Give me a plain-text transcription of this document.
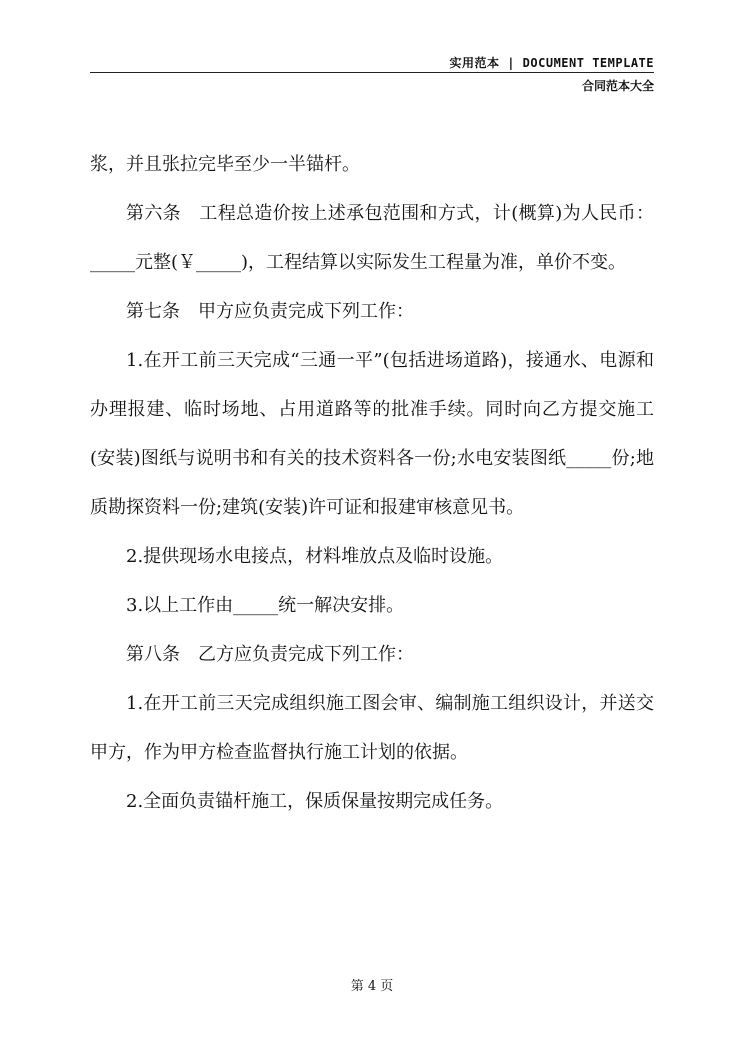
实用范本 | DOCUMENT TEMPLATE
合同范本大全

浆，并且张拉完毕至少一半锚杆。

第六条　工程总造价按上述承包范围和方式，计(概算)为人民币：_____元整(￥_____)，工程结算以实际发生工程量为准，单价不变。

第七条　甲方应负责完成下列工作：

1.在开工前三天完成“三通一平”(包括进场道路)，接通水、电源和办理报建、临时场地、占用道路等的批准手续。同时向乙方提交施工(安装)图纸与说明书和有关的技术资料各一份;水电安装图纸_____份;地质勘探资料一份;建筑(安装)许可证和报建审核意见书。

2.提供现场水电接点，材料堆放点及临时设施。

3.以上工作由_____统一解决安排。

第八条　乙方应负责完成下列工作：

1.在开工前三天完成组织施工图会审、编制施工组织设计，并送交甲方，作为甲方检查监督执行施工计划的依据。

2.全面负责锚杆施工，保质保量按期完成任务。

第 4 页
